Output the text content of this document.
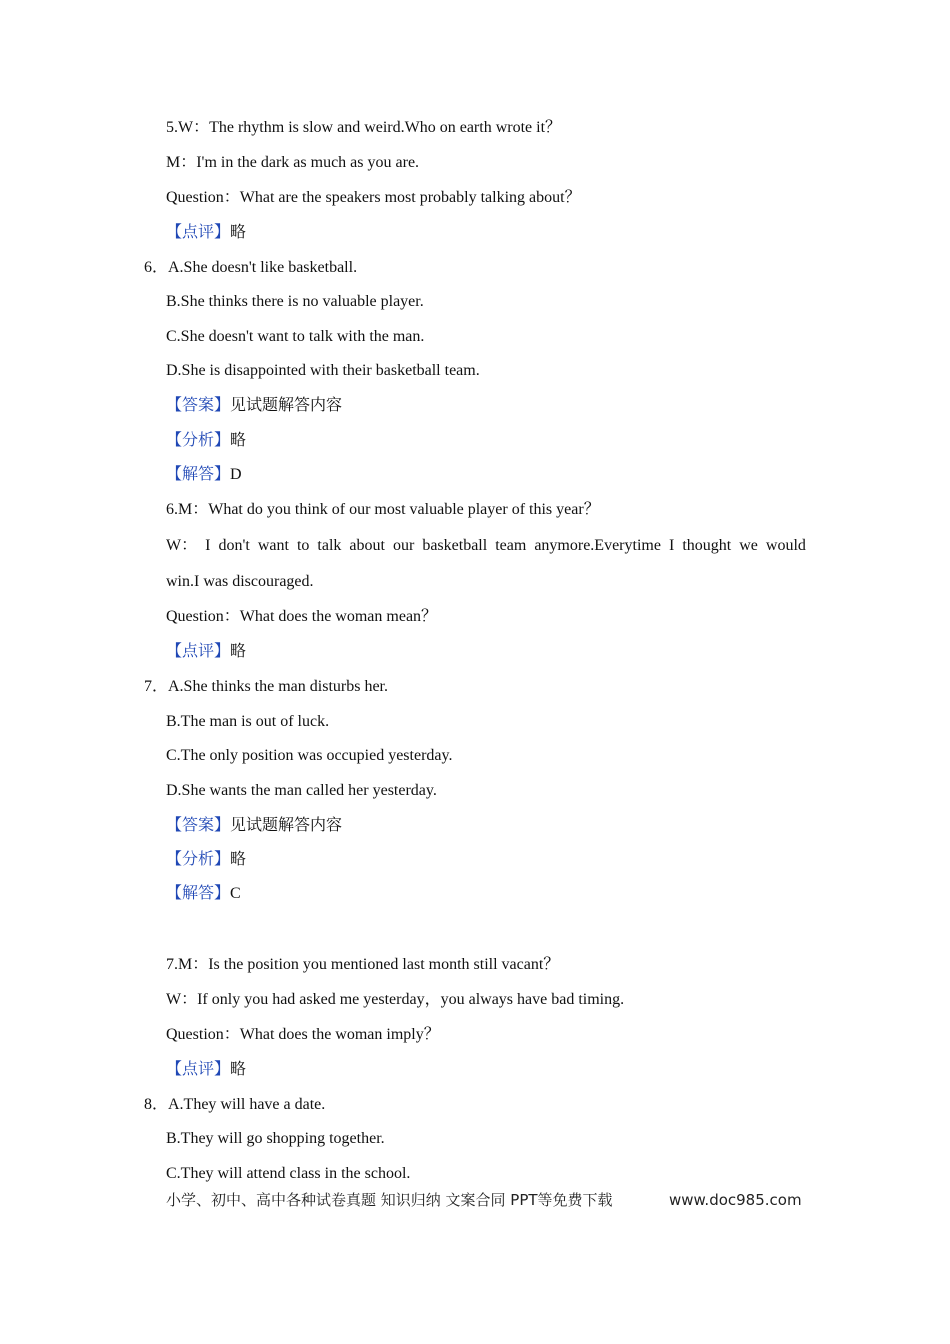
5.W：The rhythm is slow and weird.Who on earth wrote it？
M：I'm in the dark as much as you are.
Question：What are the speakers most probably talking about？
【点评】略
6．A.She doesn't like basketball.
B.She thinks there is no valuable player.
C.She doesn't want to talk with the man.
D.She is disappointed with their basketball team.
【答案】见试题解答内容
【分析】略
【解答】D
6.M：What do you think of our most valuable player of this year？
W： I don't want to talk about our basketball team anymore.Everytime I thought we would
win.I was discouraged.
Question：What does the woman mean？
【点评】略
7．A.She thinks the man disturbs her.
B.The man is out of luck.
C.The only position was occupied yesterday.
D.She wants the man called her yesterday.
【答案】见试题解答内容
【分析】略
【解答】C
7.M：Is the position you mentioned last month still vacant？
W：If only you had asked me yesterday，you always have bad timing.
Question：What does the woman imply？
【点评】略
8．A.They will have a date.
B.They will go shopping together.
C.They will attend class in the school.
小学、初中、高中各种试卷真题 知识归纳 文案合同 PPT等免费下载	www.doc985.com
